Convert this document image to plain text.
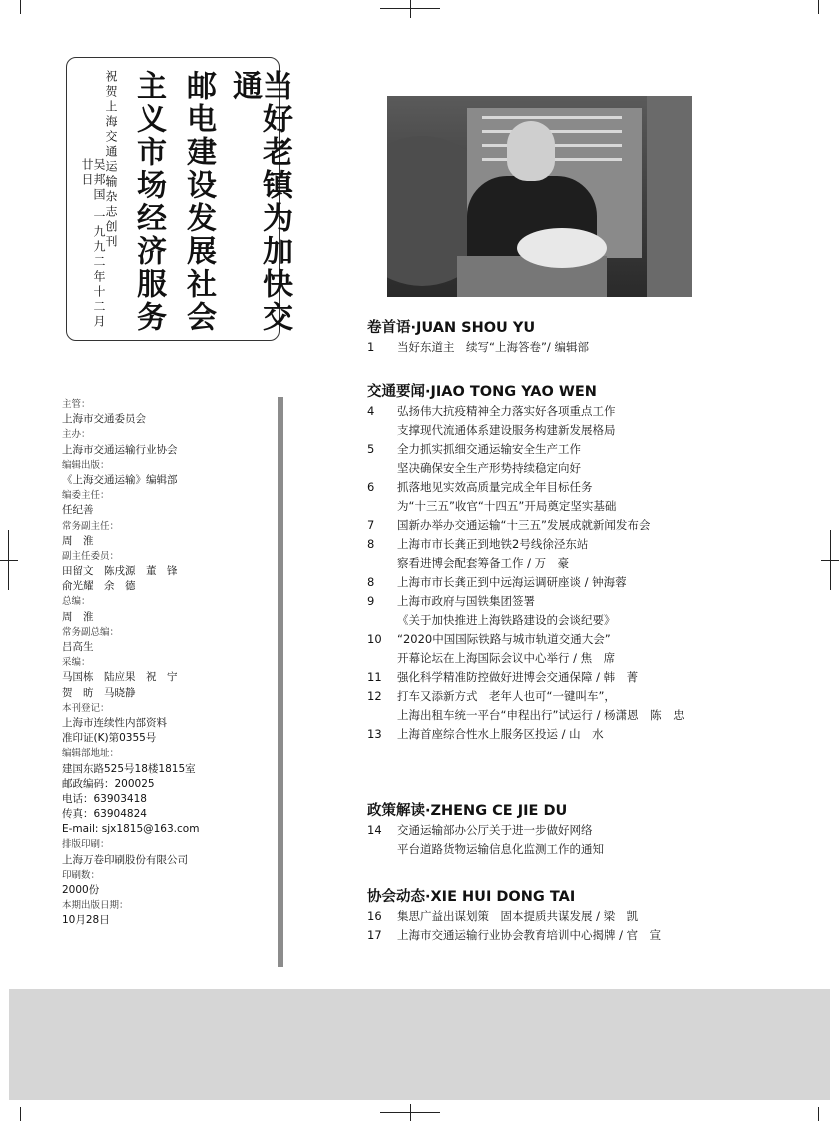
当好老镇为加快交通
邮电建设发展社会
主义市场经济服务
祝贺上海交通运输杂志创刊
吴邦国 一九九二年十二月廿日
主管：
上海市交通委员会
主办：
上海市交通运输行业协会
编辑出版：
《上海交通运输》编辑部
编委主任：
任纪善
常务副主任：
周　淮
副主任委员：
田留文　陈戌源　董　锋
俞光耀　余　德
总编：
周　淮
常务副总编：
吕高生
采编：
马国栋　陆应果　祝　宁
贺　昉　马晓静
本刊登记：
上海市连续性内部资料
准印证(K)第0355号
编辑部地址：
建国东路525号18楼1815室
邮政编码：200025
电话：63903418
传真：63904824
E-mail: sjx1815@163.com
排版印刷：
上海万卷印刷股份有限公司
印刷数：
2000份
本期出版日期：
10月28日
卷首语·JUAN SHOU YU
1	当好东道主　续写“上海答卷”/ 编辑部
交通要闻·JIAO TONG YAO WEN
4	弘扬伟大抗疫精神全力落实好各项重点工作
支撑现代流通体系建设服务构建新发展格局
5	全力抓实抓细交通运输安全生产工作
坚决确保安全生产形势持续稳定向好
6	抓落地见实效高质量完成全年目标任务
为“十三五”收官“十四五”开局奠定坚实基础
7	国新办举办交通运输“十三五”发展成就新闻发布会
8	上海市市长龚正到地铁2号线徐泾东站
察看进博会配套筹备工作 / 万　豪
8	上海市市长龚正到中远海运调研座谈 / 钟海蓉
9	上海市政府与国铁集团签署
《关于加快推进上海铁路建设的会谈纪要》
10	“2020中国国际铁路与城市轨道交通大会”
开幕论坛在上海国际会议中心举行 / 焦　席
11	强化科学精准防控做好进博会交通保障 / 韩　菁
12	打车又添新方式　老年人也可“一键叫车”，
上海出租车统一平台“申程出行”试运行 / 杨潇恩　陈　忠
13	上海首座综合性水上服务区投运 / 山　水
政策解读·ZHENG CE JIE DU
14	交通运输部办公厅关于进一步做好网络
平台道路货物运输信息化监测工作的通知
协会动态·XIE HUI DONG TAI
16	集思广益出谋划策　固本提质共谋发展 / 梁　凯
17	上海市交通运输行业协会教育培训中心揭牌 / 官　宣
